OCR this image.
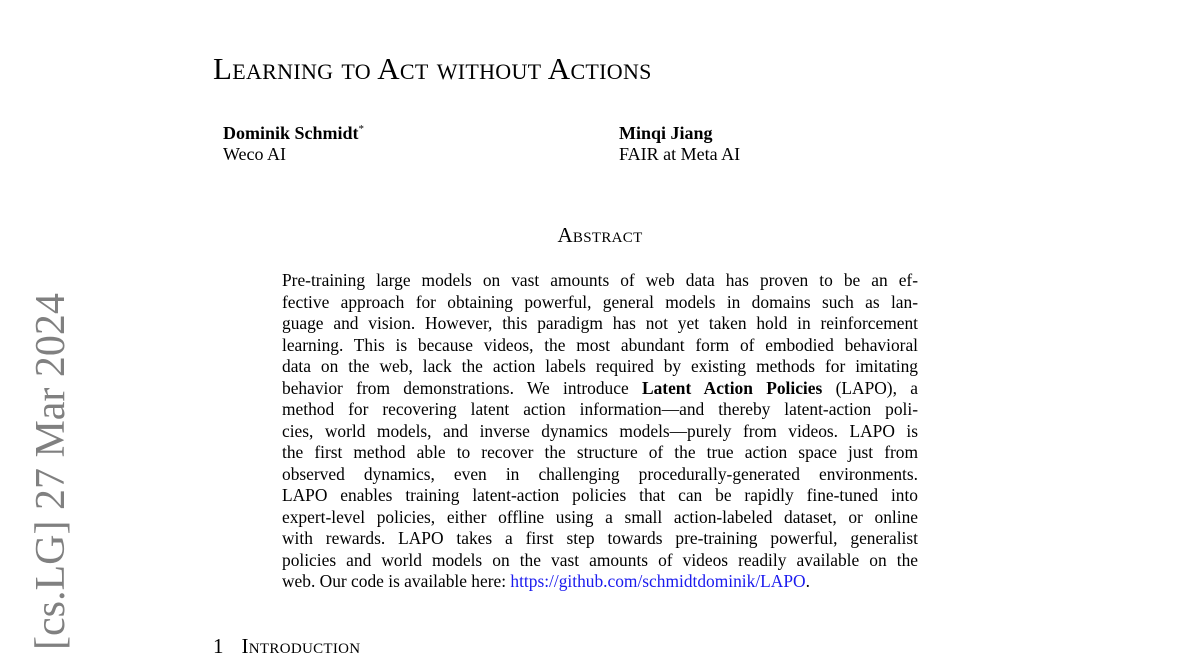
[cs.LG] 27 Mar 2024
Learning to Act without Actions
Dominik Schmidt*
Weco AI
Minqi Jiang
FAIR at Meta AI
Abstract
Pre-training large models on vast amounts of web data has proven to be an ef-
fective approach for obtaining powerful, general models in domains such as lan-
guage and vision. However, this paradigm has not yet taken hold in reinforcement
learning. This is because videos, the most abundant form of embodied behavioral
data on the web, lack the action labels required by existing methods for imitating
behavior from demonstrations. We introduce Latent Action Policies (LAPO), a
method for recovering latent action information—and thereby latent-action poli-
cies, world models, and inverse dynamics models—purely from videos. LAPO is
the first method able to recover the structure of the true action space just from
observed dynamics, even in challenging procedurally-generated environments.
LAPO enables training latent-action policies that can be rapidly fine-tuned into
expert-level policies, either offline using a small action-labeled dataset, or online
with rewards. LAPO takes a first step towards pre-training powerful, generalist
policies and world models on the vast amounts of videos readily available on the
web. Our code is available here: https://github.com/schmidtdominik/LAPO.
1 Introduction
